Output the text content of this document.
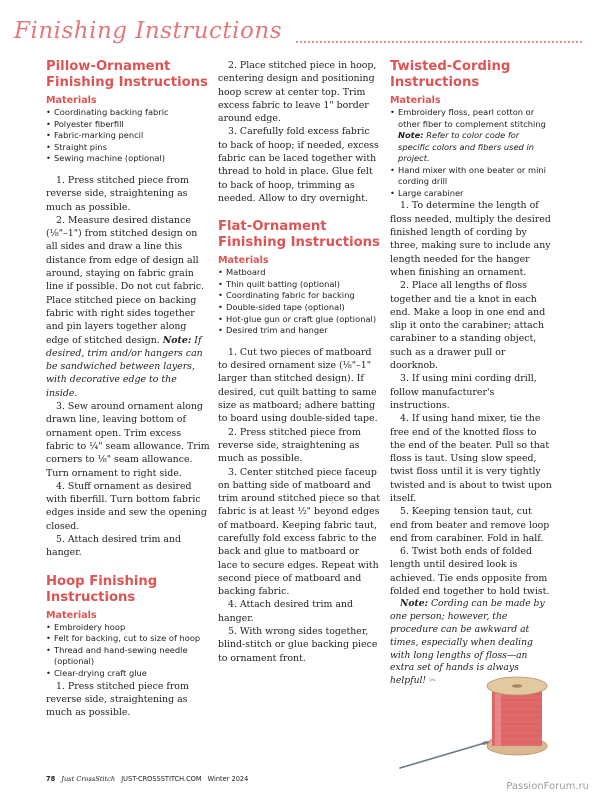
Finishing Instructions
Pillow-Ornament Finishing Instructions
Materials
• Coordinating backing fabric
• Polyester fiberfill
• Fabric-marking pencil
• Straight pins
• Sewing machine (optional)

1. Press stitched piece from reverse side, straightening as much as possible.

2. Measure desired distance (⅛"–1") from stitched design on all sides and draw a line this distance from edge of design all around, staying on fabric grain line if possible. Do not cut fabric. Place stitched piece on backing fabric with right sides together and pin layers together along edge of stitched design. Note: If desired, trim and/or hangers can be sandwiched between layers, with decorative edge to the inside.

3. Sew around ornament along drawn line, leaving bottom of ornament open. Trim excess fabric to ¼" seam allowance. Trim corners to ⅛" seam allowance. Turn ornament to right side.

4. Stuff ornament as desired with fiberfill. Turn bottom fabric edges inside and sew the opening closed.

5. Attach desired trim and hanger.

Hoop Finishing Instructions
Materials
• Embroidery hoop
• Felt for backing, cut to size of hoop
• Thread and hand-sewing needle (optional)
• Clear-drying craft glue

1. Press stitched piece from reverse side, straightening as much as possible.

2. Place stitched piece in hoop, centering design and positioning hoop screw at center top. Trim excess fabric to leave 1" border around edge.

3. Carefully fold excess fabric to back of hoop; if needed, excess fabric can be laced together with thread to hold in place. Glue felt to back of hoop, trimming as needed. Allow to dry overnight.

Flat-Ornament Finishing Instructions
Materials
• Matboard
• Thin quilt batting (optional)
• Coordinating fabric for backing
• Double-sided tape (optional)
• Hot-glue gun or craft glue (optional)
• Desired trim and hanger

1. Cut two pieces of matboard to desired ornament size (⅛"–1" larger than stitched design). If desired, cut quilt batting to same size as matboard; adhere batting to board using double-sided tape.

2. Press stitched piece from reverse side, straightening as much as possible.

3. Center stitched piece faceup on batting side of matboard and trim around stitched piece so that fabric is at least ½" beyond edges of matboard. Keeping fabric taut, carefully fold excess fabric to the back and glue to matboard or lace to secure edges. Repeat with second piece of matboard and backing fabric.

4. Attach desired trim and hanger.

5. With wrong sides together, blind-stitch or glue backing piece to ornament front.

Twisted-Cording Instructions
Materials
• Embroidery floss, pearl cotton or other fiber to complement stitching
Note: Refer to color code for specific colors and fibers used in project.
• Hand mixer with one beater or mini cording drill
• Large carabiner

1. To determine the length of floss needed, multiply the desired finished length of cording by three, making sure to include any length needed for the hanger when finishing an ornament.

2. Place all lengths of floss together and tie a knot in each end. Make a loop in one end and slip it onto the carabiner; attach carabiner to a standing object, such as a drawer pull or doorknob.

3. If using mini cording drill, follow manufacturer's instructions.

4. If using hand mixer, tie the free end of the knotted floss to the end of the beater. Pull so that floss is taut. Using slow speed, twist floss until it is very tightly twisted and is about to twist upon itself.

5. Keeping tension taut, cut end from beater and remove loop end from carabiner. Fold in half.

6. Twist both ends of folded length until desired look is achieved. Tie ends opposite from folded end together to hold twist.

Note: Cording can be made by one person; however, the procedure can be awkward at times, especially when dealing with long lengths of floss—an extra set of hands is always helpful! ✂

78 Just CrossStitch JUST-CROSSSTITCH.COM Winter 2024
PassionForum.ru
